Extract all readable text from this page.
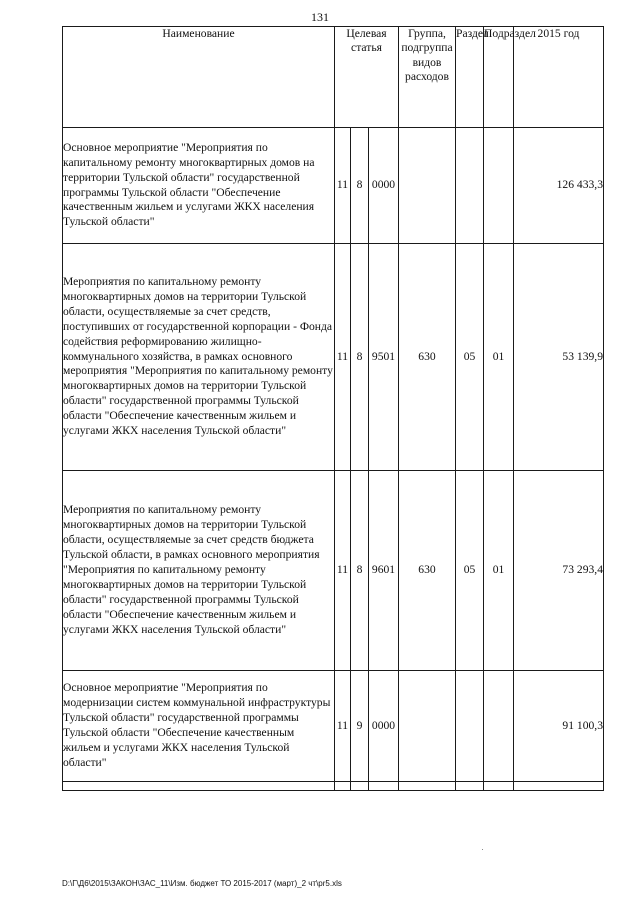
131
Наименование	Целевая статья			Группа, подгруппа видов расходов	Раздел	Подраздел	2015 год
Основное мероприятие "Мероприятия по капитальному ремонту многоквартирных домов на территории Тульской области" государственной программы Тульской области "Обеспечение качественным жильем и услугами ЖКХ населения Тульской области"	11	8	0000				126 433,3
Мероприятия по капитальному ремонту многоквартирных домов на территории Тульской области, осуществляемые за счет средств, поступивших от государственной корпорации - Фонда содействия реформированию жилищно-коммунального хозяйства, в рамках основного мероприятия "Мероприятия по капитальному ремонту многоквартирных домов на территории Тульской области" государственной программы Тульской области "Обеспечение качественным жильем и услугами ЖКХ населения Тульской области"	11	8	9501	630	05	01	53 139,9
Мероприятия по капитальному ремонту многоквартирных домов на территории Тульской области, осуществляемые за счет средств бюджета Тульской области, в рамках основного мероприятия "Мероприятия по капитальному ремонту многоквартирных домов на территории Тульской области" государственной программы Тульской области "Обеспечение качественным жильем и услугами ЖКХ населения Тульской области"	11	8	9601	630	05	01	73 293,4
Основное мероприятие "Мероприятия по модернизации систем коммунальной инфраструктуры Тульской области" государственной программы Тульской области "Обеспечение качественным жильем и услугами ЖКХ населения Тульской области"	11	9	0000				91 100,3

D:\Г\Д6\2015\ЗАКОН\ЗАС_11\Изм. бюджет ТО 2015-2017 (март)_2 чт\pr5.xls
